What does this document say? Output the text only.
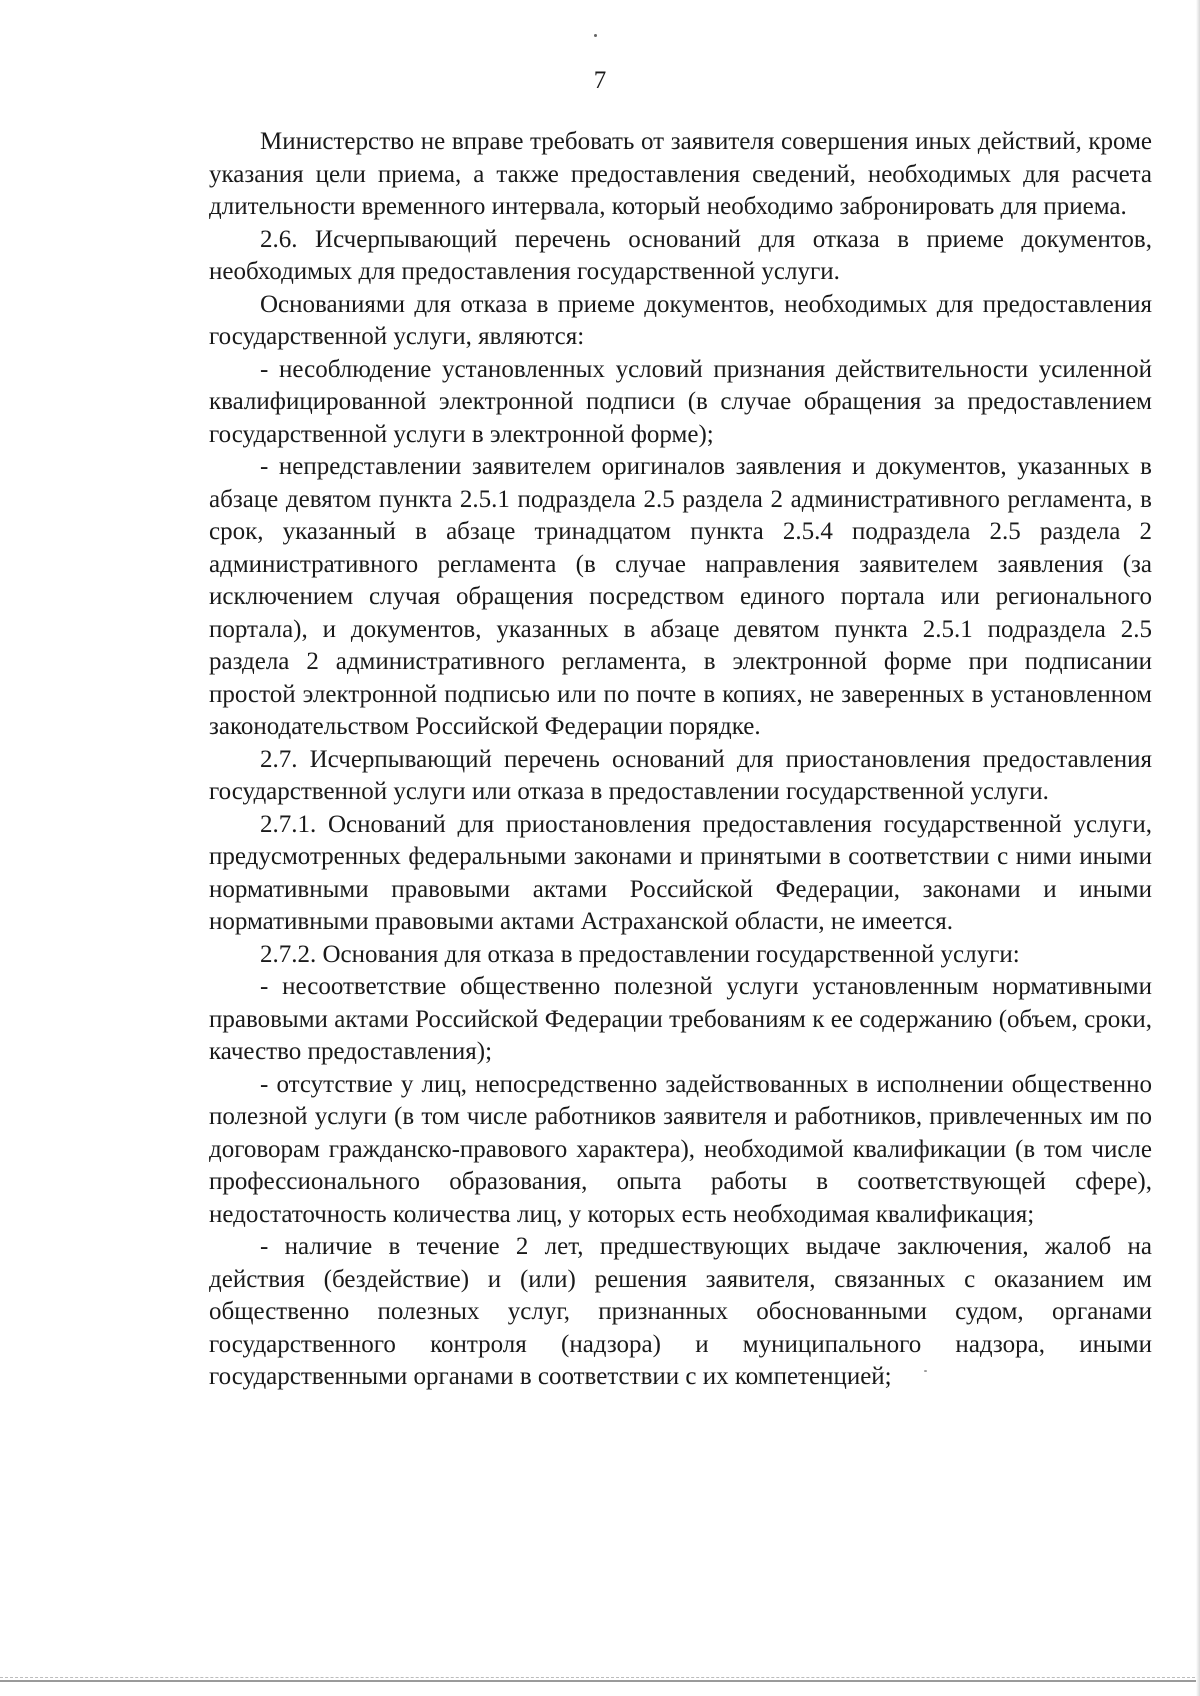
7

Министерство не вправе требовать от заявителя совершения иных действий, кроме указания цели приема, а также предоставления сведений, необходимых для расчета длительности временного интервала, который необходимо забронировать для приема.

2.6. Исчерпывающий перечень оснований для отказа в приеме документов, необходимых для предоставления государственной услуги.

Основаниями для отказа в приеме документов, необходимых для предоставления государственной услуги, являются:

- несоблюдение установленных условий признания действительности усиленной квалифицированной электронной подписи (в случае обращения за предоставлением государственной услуги в электронной форме);

- непредставлении заявителем оригиналов заявления и документов, указанных в абзаце девятом пункта 2.5.1 подраздела 2.5 раздела 2 административного регламента, в срок, указанный в абзаце тринадцатом пункта 2.5.4 подраздела 2.5 раздела 2 административного регламента (в случае направления заявителем заявления (за исключением случая обращения посредством единого портала или регионального портала), и документов, указанных в абзаце девятом пункта 2.5.1 подраздела 2.5 раздела 2 административного регламента, в электронной форме при подписании простой электронной подписью или по почте в копиях, не заверенных в установленном законодательством Российской Федерации порядке.

2.7. Исчерпывающий перечень оснований для приостановления предоставления государственной услуги или отказа в предоставлении государственной услуги.

2.7.1. Оснований для приостановления предоставления государственной услуги, предусмотренных федеральными законами и принятыми в соответствии с ними иными нормативными правовыми актами Российской Федерации, законами и иными нормативными правовыми актами Астраханской области, не имеется.

2.7.2. Основания для отказа в предоставлении государственной услуги:

- несоответствие общественно полезной услуги установленным нормативными правовыми актами Российской Федерации требованиям к ее содержанию (объем, сроки, качество предоставления);

- отсутствие у лиц, непосредственно задействованных в исполнении общественно полезной услуги (в том числе работников заявителя и работников, привлеченных им по договорам гражданско-правового характера), необходимой квалификации (в том числе профессионального образования, опыта работы в соответствующей сфере), недостаточность количества лиц, у которых есть необходимая квалификация;

- наличие в течение 2 лет, предшествующих выдаче заключения, жалоб на действия (бездействие) и (или) решения заявителя, связанных с оказанием им общественно полезных услуг, признанных обоснованными судом, органами государственного контроля (надзора) и муниципального надзора, иными государственными органами в соответствии с их компетенцией;
